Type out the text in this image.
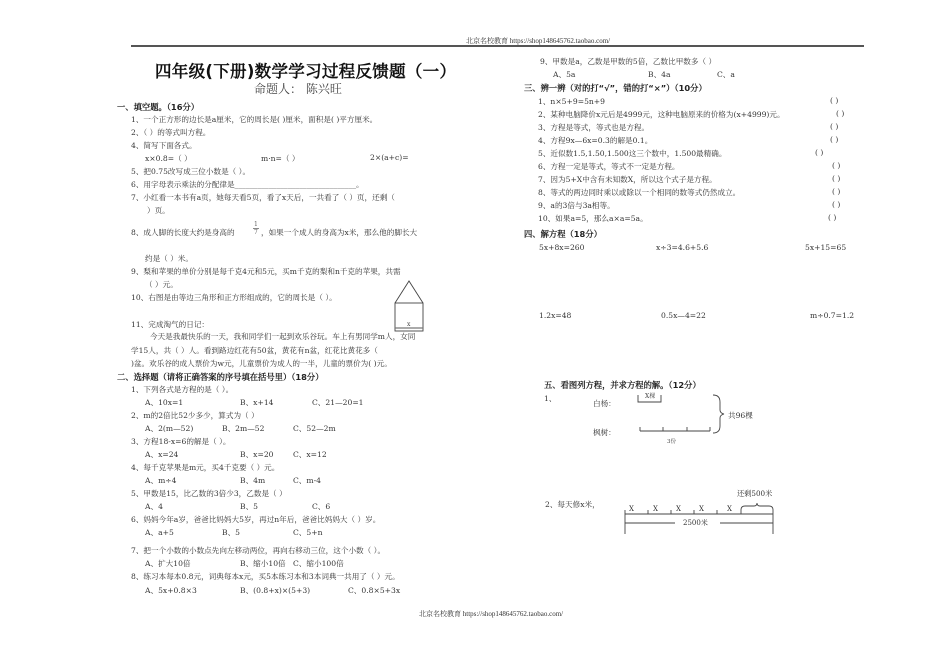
北京名校教育 https://shop148645762.taobao.com/
四年级(下册)数学学习过程反馈题（一）
命题人： 陈兴旺
一、填空题。（16分）
1、一个正方形的边长是a厘米，它的周长是( )厘米，面积是( )平方厘米。
2、（ ）的等式叫方程。
4、简写下面各式。
x×0.8=（ ）	m·n=（ ）	2×(a+c)=
5、把0.75改写成三位小数是（ ）。
6、用字母表示乘法的分配律是________________________________。
7、小红看一本书有a页，她每天看5页，看了x天后，一共看了（ ）页，还剩（
）页。
8、成人脚的长度大约是身高的	$\frac{1}{7}$ ，如果一个成人的身高为x米，那么他的脚长大
约是（ ）米。
9、梨和苹果的单价分别是每千克4元和5元，买m千克的梨和n千克的苹果，共需
（ ）元。
10、右图是由等边三角形和正方形组成的，它的周长是（ ）。
x
11、完成淘气的日记：
今天是我最快乐的一天，我和同学们一起到欢乐谷玩。车上有男同学m人，女同
学15人，共（ ）人。看到路边红花有50盆，黄花有n盆，红花比黄花多（
)盆。欢乐谷的成人票价为w元，儿童票价为成人的一半，儿童的票价为( )元。
二、选择题（请将正确答案的序号填在括号里）（18分）
1、下列各式是方程的是（ ）。
A、10x=1	B、x+14	C、21—20=1
2、m的2倍比52少多少，算式为（ ）
A、2(m—52)	B、2m—52	C、52—2m
3、方程18-x=6的解是（ ）。
A、x=24	B、x=20	C、x=12
4、每千克苹果是m元，买4千克要（ ）元。
A、m÷4	B、4m	C、m-4
5、甲数是15，比乙数的3倍少3，乙数是（ ）
A、4	B、5	C、6
6、妈妈今年a岁，爸爸比妈妈大5岁，再过n年后，爸爸比妈妈大（ ）岁。
A、a+5	B、5	C、5+n
7、把一个小数的小数点先向左移动两位，再向右移动三位，这个小数（ ）。
A、扩大10倍	B、缩小10倍 C、缩小100倍
8、练习本每本0.8元，词典每本x元，买5本练习本和3本词典一共用了（ ）元。
A、5x+0.8×3	B、(0.8+x)×(5+3)	C、0.8×5+3x
9、甲数是a，乙数是甲数的5倍，乙数比甲数多（ ）
A、5a	B、4a	C、a
三、辨一辨（对的打“√”，错的打“×”）（10分）
1、n×5+9=5n+9	( )
2、某种电脑降价x元后是4999元，这种电脑原来的价格为(x+4999)元。	( )
3、方程是等式，等式也是方程。	( )
4、方程9x—6x=0.3的解是0.1。	( )
5、近似数1.5,1.50,1.500这三个数中，1.500最精确。	( )
6、方程一定是等式，等式不一定是方程。	( )
7、因为5+X中含有未知数X，所以这个式子是方程。	( )
8、等式的两边同时乘以或除以一个相同的数等式仍然成立。	( )
9、a的3倍与3a相等。	( )
10、如果a=5，那么a×a=5a。	( )
四、解方程（18分）
5x+8x=260	x÷3=4.6+5.6	5x+15=65
1.2x=48	0.5x—4=22	m÷0.7=1.2
五、看图列方程，并求方程的解。（12分）
1、
白杨：
X棵
枫树：
3份
共96棵
2、每天修x米，
还剩500米
X	X	X	X	X
2500米
北京名校教育 https://shop148645762.taobao.com/
